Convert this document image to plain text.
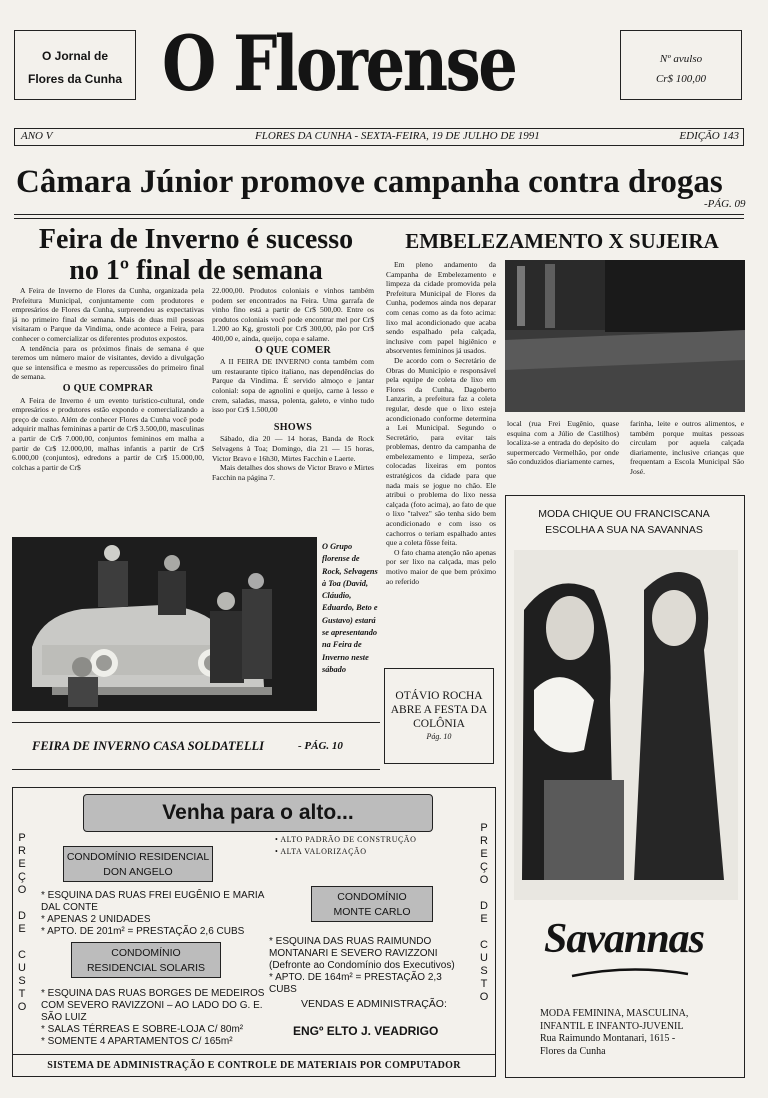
O Jornal de
Flores da Cunha O Florense	Nº avulso
Cr$ 100,00
ANO V	FLORES DA CUNHA - SEXTA-FEIRA, 19 DE JULHO DE 1991	EDIÇÃO 143
Câmara Júnior promove campanha contra drogas
-PÁG. 09
Feira de Inverno é sucesso
no 1º final de semana

A Feira de Inverno de Flores da Cunha, organizada pela Prefeitura Municipal, conjuntamente com produtores e empresários de Flores da Cunha, surpreendeu as expectativas já no primeiro final de semana. Mais de duas mil pessoas visitaram o Parque da Vindima, onde acontece a Feira, para conhecer o comercializar os diferentes produtos expostos.

A tendência para os próximos finais de semana é que teremos um número maior de visitantes, devido a divulgação que se intensifica e mesmo as repercussões do primeiro final de semana.

O QUE COMPRAR

A Feira de Inverno é um evento turístico-cultural, onde empresários e produtores estão expondo e comercializando a preço de custo. Além de conhecer Flores da Cunha você pode adquirir malhas femininas a partir de Cr$ 3.500,00, masculinas a partir de Cr$ 7.000,00, conjuntos femininos em malha a partir de Cr$ 12.000,00, malhas infantis a partir de Cr$ 6.000,00 (conjuntos), edredons a partir de Cr$ 15.000,00, colchas a partir de Cr$

22.000,00. Produtos coloniais e vinhos também podem ser encontrados na Feira. Uma garrafa de vinho fino está a partir de Cr$ 500,00. Entre os produtos coloniais você pode encontrar mel por Cr$ 1.200 ao Kg, grostoli por Cr$ 300,00, pão por Cr$ 400,00 e, ainda, queijo, copa e salame.

O QUE COMER

A II FEIRA DE INVERNO conta também com um restaurante típico italiano, nas dependências do Parque da Vindima. É servido almoço e jantar colonial: sopa de agnolini e queijo, carne à lesso e crem, saladas, massa, polenta, galeto, e vinho tudo isso por Cr$ 1.500,00

SHOWS

Sábado, dia 20 — 14 horas, Banda de Rock Selvagens à Toa; Domingo, dia 21 — 15 horas, Victor Bravo e 16h30, Mirtes Facchin e Laerte.

Mais detalhes dos shows de Victor Bravo e Mirtes Facchin na página 7.

O Grupo florense de Rock, Selvagens à Toa (David, Cláudio, Eduardo, Beto e Gustavo) estará se apresentando na Feira de Inverno neste sábado
FEIRA DE INVERNO CASA SOLDATELLI	- PÁG. 10
EMBELEZAMENTO X SUJEIRA

Em pleno andamento da Campanha de Embelezamento e limpeza da cidade promovida pela Prefeitura Municipal de Flores da Cunha, podemos ainda nos deparar com cenas como as da foto acima: lixo mal acondicionado que acaba sendo espalhado pela calçada, inclusive com papel higiênico e absorventes femininos já usados.

De acordo com o Secretário de Obras do Município e responsável pela equipe de coleta de lixo em Flores da Cunha, Dagoberto Lanzarin, a prefeitura faz a coleta regular, desde que o lixo esteja acondicionado conforme determina a Lei Municipal. Segundo o Secretário, para evitar tais problemas, dentro da campanha de embelezamento e limpeza, serão colocadas lixeiras em pontos estratégicos da cidade para que nada mais se jogue no chão. Ele atribui o problema do lixo nessa calçada (foto acima), ao fato de que o lixo "talvez" são tenha sido bem acondicionado e com isso os cachorros o teriam espalhado antes que a coleta fôsse feita.

O fato chama atenção não apenas por ser lixo na calçada, mas pelo motivo maior de que bem próximo ao referido

local (rua Frei Eugênio, quase esquina com a Júlio de Castilhos) localiza-se a entrada do depósito do supermercado Vermelhão, por onde são conduzidos diariamente carnes,
farinha, leite e outros alimentos, e também porque muitas pessoas circulam por aquela calçada diariamente, inclusive crianças que frequentam a Escola Municipal São José.
OTÁVIO ROCHA
ABRE A FESTA DA
COLÔNIA
Pág. 10
MODA CHIQUE OU FRANCISCANA
ESCOLHA A SUA NA SAVANNAS
Savannas
MODA FEMININA, MASCULINA,
INFANTIL E INFANTO-JUVENIL
Rua Raimundo Montanari, 1615 -
Flores da Cunha
P
R
E
Ç
O

D
E

C
U
S
T
O
P
R
E
Ç
O

D
E

C
U
S
T
O
Venha para o alto...
• ALTO PADRÃO DE CONSTRUÇÃO
• ALTA VALORIZAÇÃO
CONDOMÍNIO RESIDENCIAL
DON ANGELO
* ESQUINA DAS RUAS FREI EUGÊNIO E MARIA DAL CONTE
* APENAS 2 UNIDADES
* APTO. DE 201m² = PRESTAÇÃO 2,6 CUBS
CONDOMÍNIO
RESIDENCIAL SOLARIS
* ESQUINA DAS RUAS BORGES DE MEDEIROS COM SEVERO RAVIZZONI – AO LADO DO G. E. SÃO LUIZ
* SALAS TÉRREAS E SOBRE-LOJA C/ 80m²
* SOMENTE 4 APARTAMENTOS C/ 165m²
CONDOMÍNIO
MONTE CARLO
* ESQUINA DAS RUAS RAIMUNDO MONTANARI E SEVERO RAVIZZONI (Defronte ao Condomínio dos Executivos)
* APTO. DE 164m² = PRESTAÇÃO 2,3 CUBS
VENDAS E ADMINISTRAÇÃO:
ENGº ELTO J. VEADRIGO
SISTEMA DE ADMINISTRAÇÃO E CONTROLE DE MATERIAIS POR COMPUTADOR
